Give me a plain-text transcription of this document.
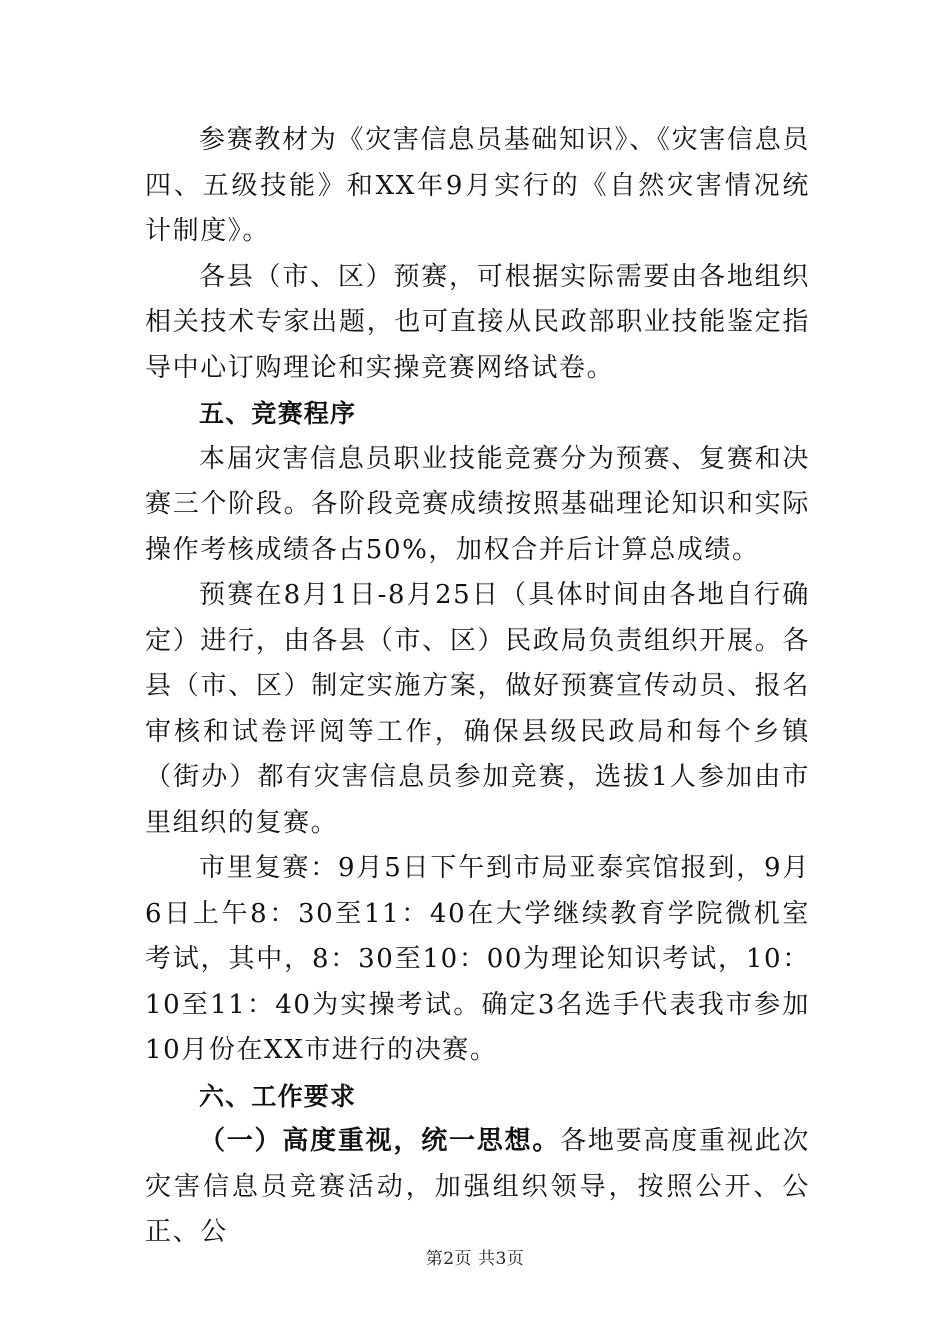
参赛教材为《灾害信息员基础知识》、《灾害信息员四、五级技能》和XX年9月实行的《自然灾害情况统计制度》。

各县（市、区）预赛，可根据实际需要由各地组织相关技术专家出题，也可直接从民政部职业技能鉴定指导中心订购理论和实操竞赛网络试卷。

五、竞赛程序

本届灾害信息员职业技能竞赛分为预赛、复赛和决赛三个阶段。各阶段竞赛成绩按照基础理论知识和实际操作考核成绩各占50%，加权合并后计算总成绩。

预赛在8月1日-8月25日（具体时间由各地自行确定）进行，由各县（市、区）民政局负责组织开展。各县（市、区）制定实施方案，做好预赛宣传动员、报名审核和试卷评阅等工作，确保县级民政局和每个乡镇（街办）都有灾害信息员参加竞赛，选拔1人参加由市里组织的复赛。

市里复赛：9月5日下午到市局亚泰宾馆报到，9月6日上午8：30至11：40在大学继续教育学院微机室考试，其中，8：30至10：00为理论知识考试，10：10至11：40为实操考试。确定3名选手代表我市参加10月份在XX市进行的决赛。

六、工作要求

（一）高度重视，统一思想。各地要高度重视此次灾害信息员竞赛活动，加强组织领导，按照公开、公正、公

第2页 共3页
